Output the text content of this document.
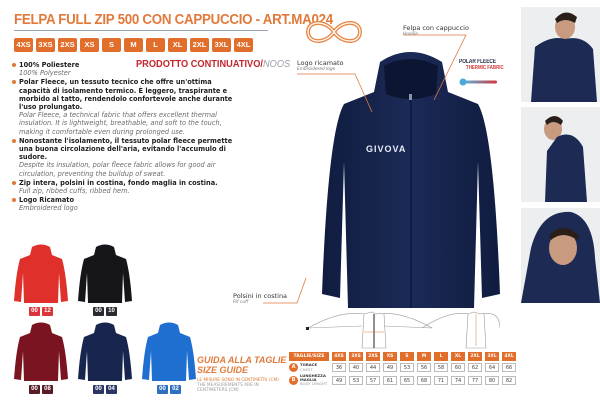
FELPA FULL ZIP 500 CON CAPPUCCIO - ART.MA024
4XS	3XS	2XS	XS	S	M	L	XL	2XL	3XL	4XL
PRODOTTO CONTINUATIVO/NOOS
100% Poliestere
100% Polyester
Polar Fleece, un tessuto tecnico che offre un'ottima capacità di isolamento termico. È leggero, traspirante e morbido al tatto, rendendolo confortevole anche durante l'uso prolungato.
Polar Fleece, a technical fabric that offers excellent thermal insulation. It is lightweight, breathable, and soft to the touch, making it comfortable even during prolonged use.
Nonostante l'isolamento, il tessuto polar fleece permette una buona circolazione dell'aria, evitando l'accumulo di sudore.
Despite its insulation, polar fleece fabric allows for good air circulation, preventing the buildup of sweat.
Zip intera, polsini in costina, fondo maglia in costina.
Full zip, ribbed cuffs, ribbed hem.
Logo Ricamato
Embroidered logo
00	12	00	10
00	08	00	04	00	02
GIVOVA
Felpa con cappuccio
Hoodie
Logo ricamato
Embroidered logo
Polsini in costina
Rif cuff
POLAR FLEECE
THERMIC FABRIC
GUIDA ALLA TAGLIE
SIZE GUIDE
LE MISURE SONO IN CENTIMETRI (CM)
THE MEASUREMENTS ARE IN CENTIMETERS (CM)
TAGLIE/SIZE	4XS	3XS	2XS	XS	S	M	L	XL	2XL	3XL	4XL
A	TORACE
CHEST	36	40	44	49	53	56	58	60	62	64	66
B
LUNGHEZZA MAGLIA
BODY LENGHT
49	53	57	61	65	68	71	74	77	80	82
